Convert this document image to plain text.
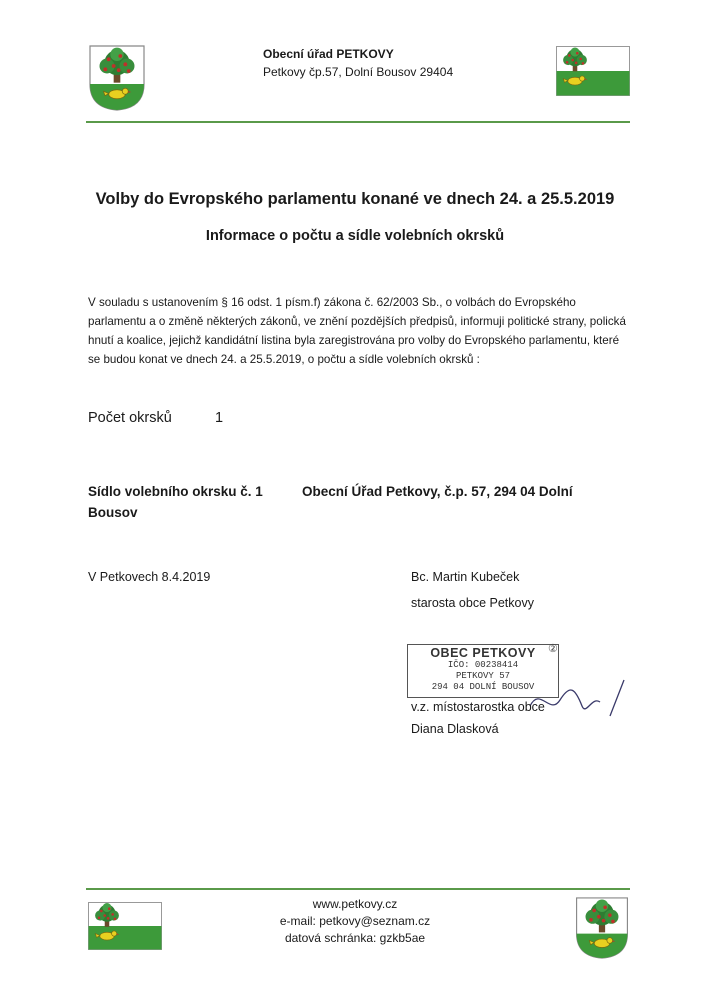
Obecní úřad PETKOVY
Petkovy čp.57, Dolní Bousov 29404
Volby do Evropského parlamentu konané ve dnech 24. a 25.5.2019
Informace o počtu a sídle volebních okrsků
V souladu s ustanovením § 16 odst. 1 písm.f) zákona č. 62/2003 Sb., o volbách do Evropského parlamentu a o změně některých zákonů, ve znění pozdějších předpisů, informuji politické strany, polická hnutí a koalice, jejichž kandidátní listina byla zaregistrována pro volby do Evropského parlamentu, které se budou konat ve dnech 24. a 25.5.2019, o počtu a sídle volebních okrsků :
Počet okrsků	1
Sídlo volebního okrsku č. 1	Obecní Úřad Petkovy, č.p. 57, 294 04 Dolní
Bousov
V Petkovech 8.4.2019	Bc. Martin Kubeček
starosta obce Petkovy
OBEC PETKOVY
IČO: 00238414
PETKOVY 57
294 04 DOLNÍ BOUSOV
②
v.z. místostarostka obce
Diana Dlasková
www.petkovy.cz
e-mail: petkovy@seznam.cz
datová schránka: gzkb5ae
